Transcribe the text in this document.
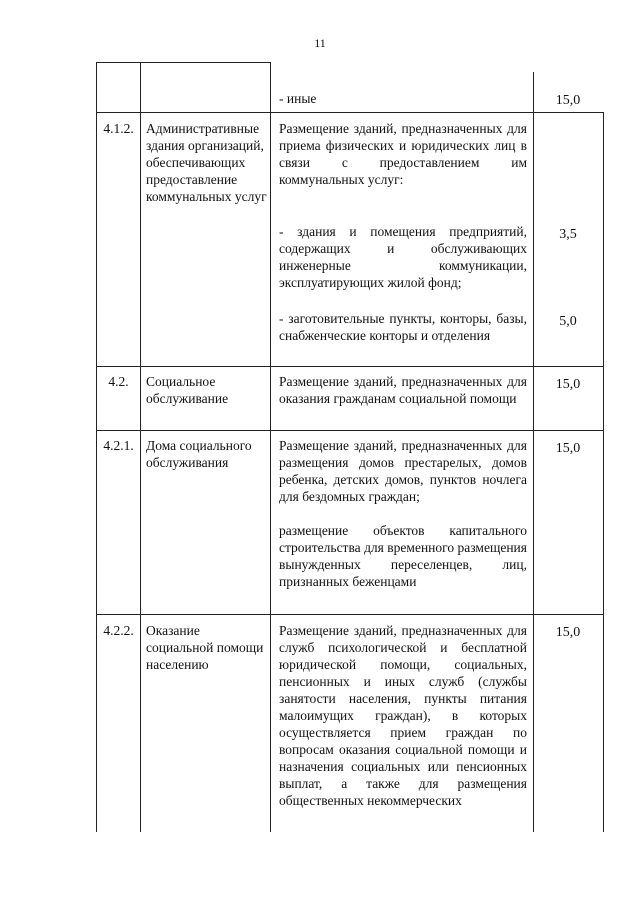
11
- иные	15,0
4.1.2. Административные здания организаций, обеспечивающих предоставление коммунальных услуг
Размещение зданий, предназначенных для приема физических и юридических лиц в связи с предоставлением им коммунальных услуг:
- здания и помещения предприятий, содержащих и обслуживающих инженерные коммуникации, эксплуатирующих жилой фонд;
- заготовительные пункты, конторы, базы, снабженческие конторы и отделения
3,5
5,0
4.2.	Социальное обслуживание
Размещение зданий, предназначенных для оказания гражданам социальной помощи
15,0
4.2.1. Дома социального обслуживания
Размещение зданий, предназначенных для размещения домов престарелых, домов ребенка, детских домов, пунктов ночлега для бездомных граждан;
размещение объектов капитального строительства для временного размещения вынужденных переселенцев, лиц, признанных беженцами
15,0
4.2.2. Оказание социальной помощи населению
Размещение зданий, предназначенных для служб психологической и бесплатной юридической помощи, социальных, пенсионных и иных служб (службы занятости населения, пункты питания малоимущих граждан), в которых осуществляется прием граждан по вопросам оказания социальной помощи и назначения социальных или пенсионных выплат, а также для размещения общественных некоммерческих
15,0
